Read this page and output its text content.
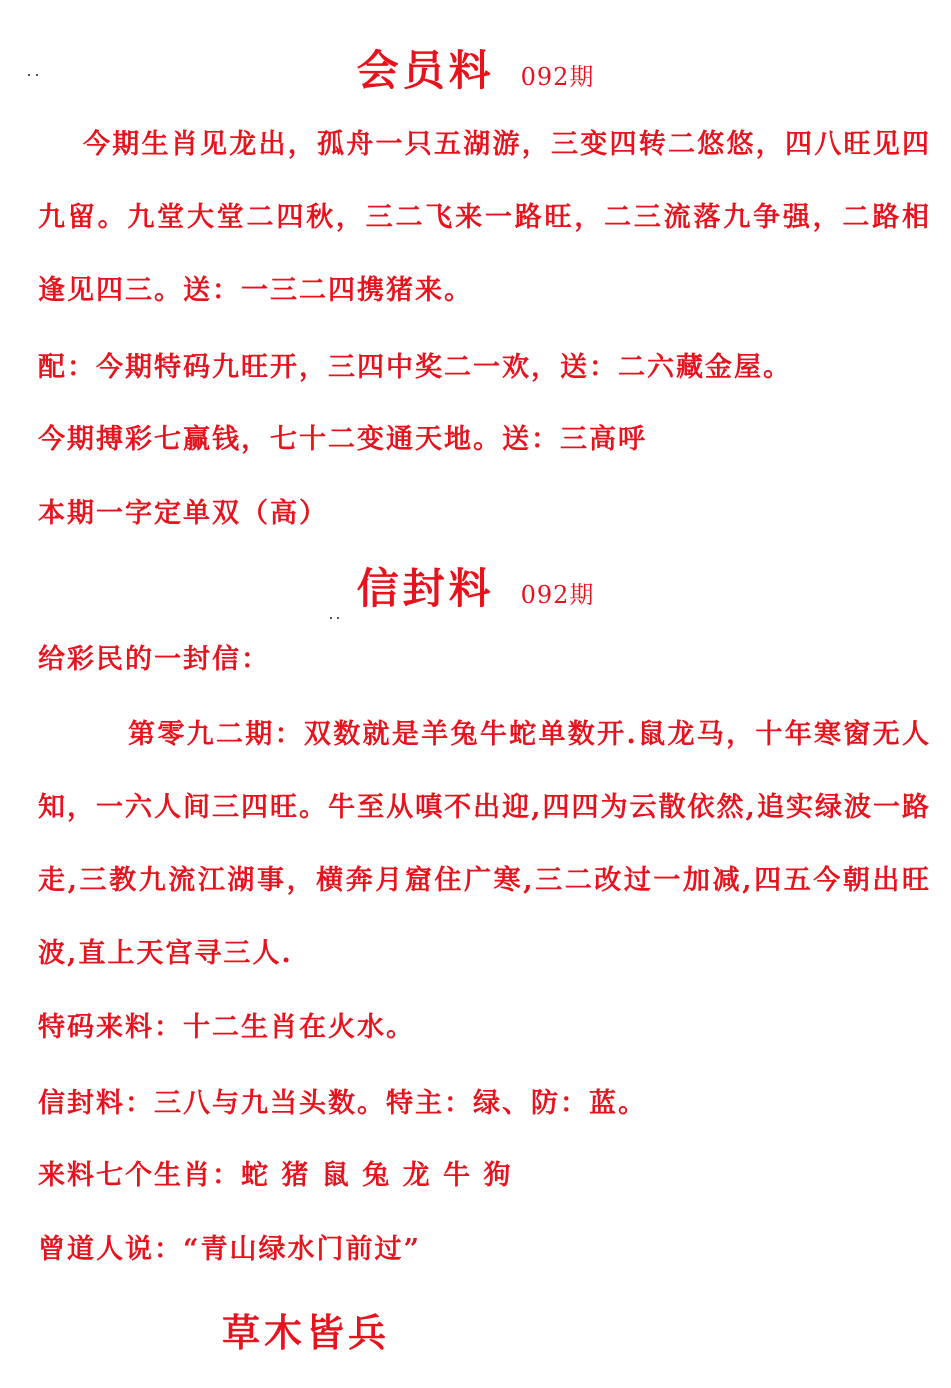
会员料 092期

今期生肖见龙出，孤舟一只五湖游，三变四转二悠悠，四八旺见四九留。九堂大堂二四秋，三二飞来一路旺，二三流落九争强，二路相逢见四三。送：一三二四携猪来。

配：今期特码九旺开，三四中奖二一欢，送：二六藏金屋。
今期搏彩七赢钱，七十二变通天地。送：三高呼
本期一字定单双（高）
信封料 092期
给彩民的一封信：

第零九二期：双数就是羊兔牛蛇单数开.鼠龙马，十年寒窗无人知，一六人间三四旺。牛至从嗔不出迎,四四为云散依然,追实绿波一路走,三教九流江湖事，横奔月窟住广寒,三二改过一加减,四五今朝出旺波,直上天宫寻三人.

特码来料：十二生肖在火水。
信封料：三八与九当头数。特主：绿、防：蓝。
来料七个生肖：蛇 猪 鼠 兔 龙 牛 狗
曾道人说：“青山绿水门前过”
草木皆兵
